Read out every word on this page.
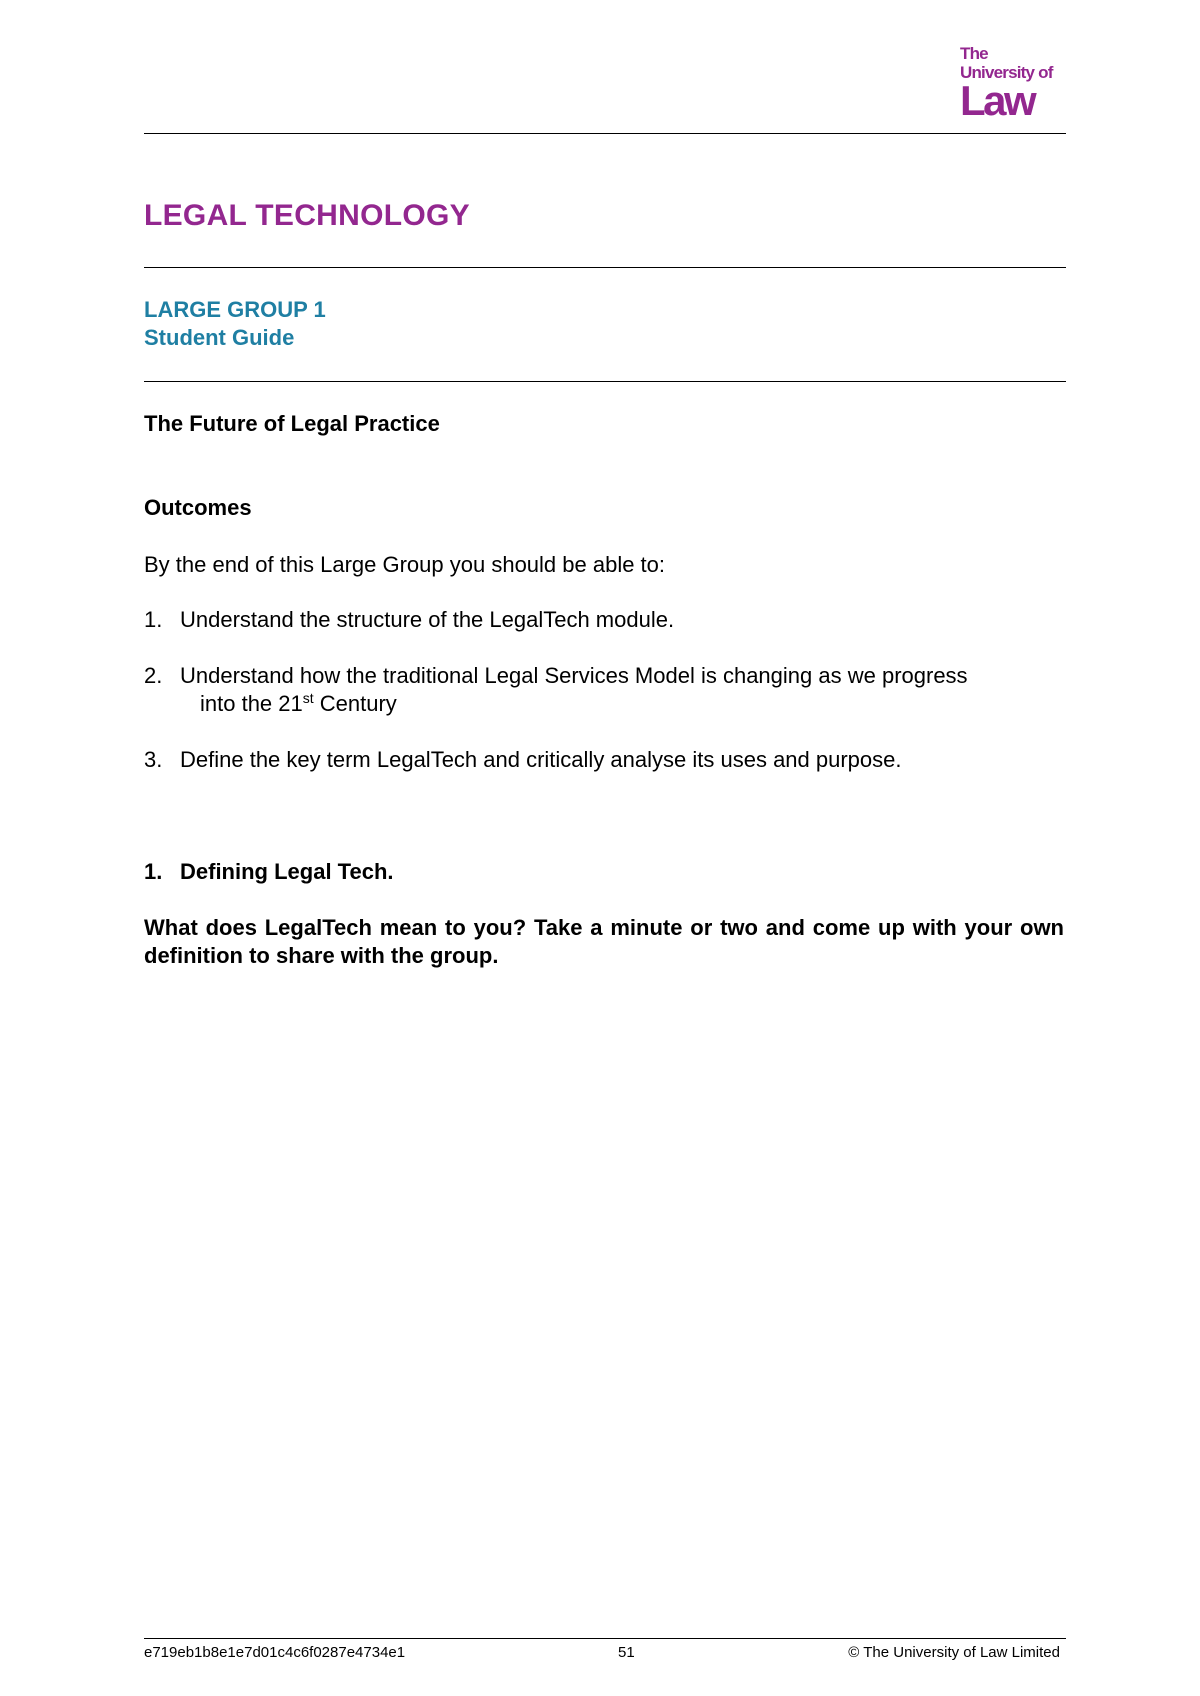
The
University of
Law
LEGAL TECHNOLOGY
LARGE GROUP 1
Student Guide
The Future of Legal Practice
Outcomes
By the end of this Large Group you should be able to:
1. Understand the structure of the LegalTech module.
2. Understand how the traditional Legal Services Model is changing as we progress
into the 21st Century
3. Define the key term LegalTech and critically analyse its uses and purpose.
1. Defining Legal Tech.
What does LegalTech mean to you? Take a minute or two and come up with your own definition to share with the group.
e719eb1b8e1e7d01c4c6f0287e4734e1	51	© The University of Law Limited
